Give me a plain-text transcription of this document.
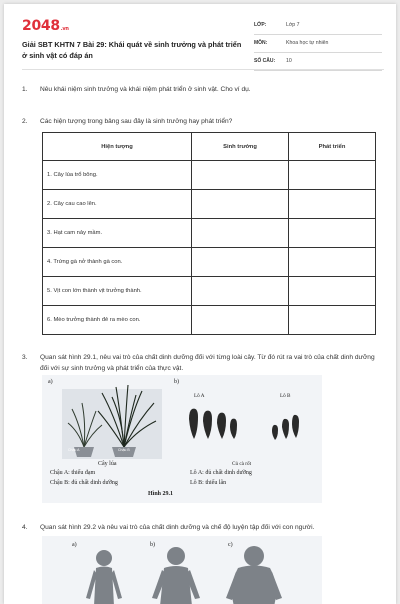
2048.vn
Giải SBT KHTN 7 Bài 29: Khái quát về sinh trưởng và phát triển ở sinh vật có đáp án
LỚP:	Lớp 7
MÔN:	Khoa học tự nhiên
SỐ CÂU: 10
1. Nêu khái niệm sinh trưởng và khái niệm phát triển ở sinh vật. Cho ví dụ.
2. Các hiện tượng trong bảng sau đây là sinh trưởng hay phát triển?
Hiện tượng	Sinh trưởng	Phát triển
1. Cây lúa trổ bông.		
2. Cây cau cao lên.		
3. Hạt cam nảy mầm.		
4. Trứng gà nở thành gà con.		
5. Vịt con lớn thành vịt trưởng thành.		
6. Mèo trưởng thành đẻ ra mèo con.		
3. Quan sát hình 29.1, nêu vai trò của chất dinh dưỡng đối với từng loài cây. Từ đó rút ra vai trò của chất dinh dưỡng đối với sự sinh trưởng và phát triển của thực vật.
a)	b)
Chậu A	Chậu B
Cây lúa
Chậu A: thiếu đạm
Chậu B: đủ chất dinh dưỡng
Lô A	Lô B
Củ cà rốt
Lô A: đủ chất dinh dưỡng
Lô B: thiếu lân
Hình 29.1
4. Quan sát hình 29.2 và nêu vai trò của chất dinh dưỡng và chế độ luyện tập đối với con người.
a)	b)	c)
